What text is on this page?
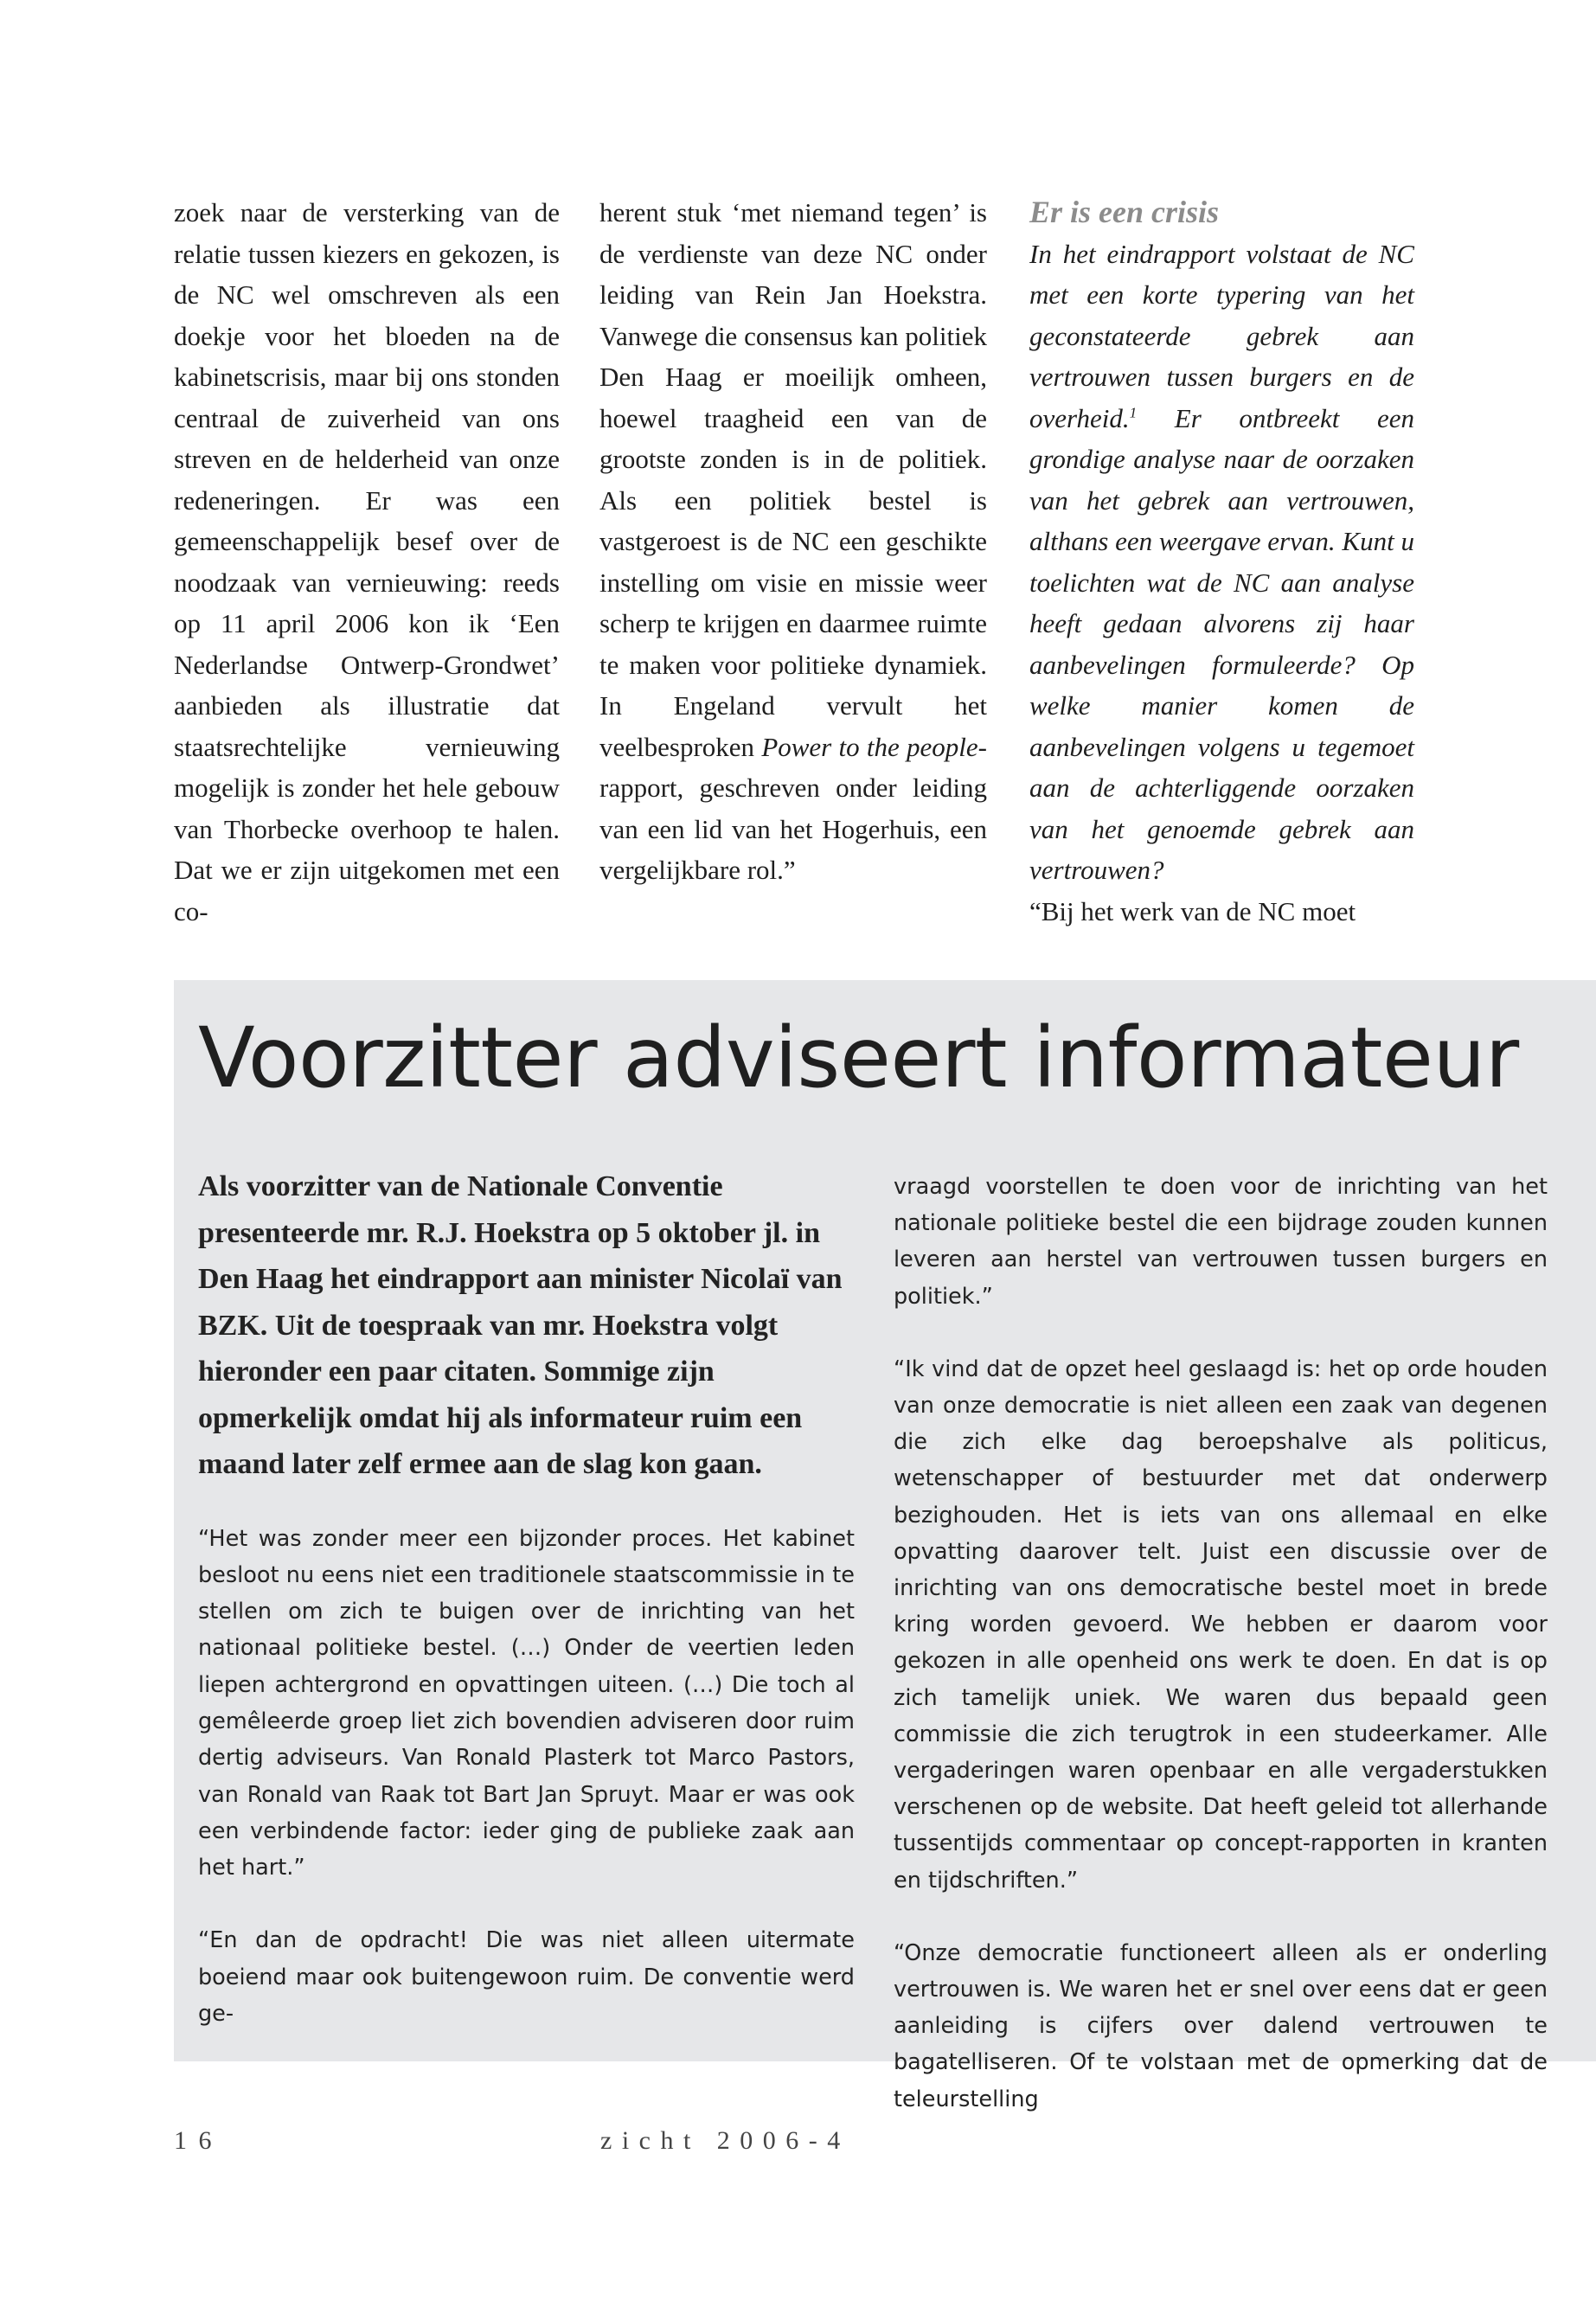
zoek naar de versterking van de relatie tussen kiezers en gekozen, is de NC wel omschreven als een doekje voor het bloeden na de kabinetscrisis, maar bij ons stonden centraal de zuiverheid van ons streven en de helderheid van onze redeneringen. Er was een gemeenschappelijk besef over de noodzaak van vernieuwing: reeds op 11 april 2006 kon ik ‘Een Nederlandse Ontwerp-Grondwet’ aanbieden als illustratie dat staatsrechtelijke vernieuwing mogelijk is zonder het hele gebouw van Thorbecke overhoop te halen. Dat we er zijn uitgekomen met een co-

herent stuk ‘met niemand tegen’ is de verdienste van deze NC onder leiding van Rein Jan Hoekstra. Vanwege die consensus kan politiek Den Haag er moeilijk omheen, hoewel traagheid een van de grootste zonden is in de politiek. Als een politiek bestel is vastgeroest is de NC een geschikte instelling om visie en missie weer scherp te krijgen en daarmee ruimte te maken voor politieke dynamiek. In Engeland vervult het veelbesproken Power to the people-rapport, geschreven onder leiding van een lid van het Hogerhuis, een vergelijkbare rol.”

Er is een crisis

In het eindrapport volstaat de NC met een korte typering van het geconstateerde gebrek aan vertrouwen tussen burgers en de overheid.$^1$ Er ontbreekt een grondige analyse naar de oorzaken van het gebrek aan vertrouwen, althans een weergave ervan. Kunt u toelichten wat de NC aan analyse heeft gedaan alvorens zij haar aanbevelingen formuleerde? Op welke manier komen de aanbevelingen volgens u tegemoet aan de achterliggende oorzaken van het genoemde gebrek aan vertrouwen?

“Bij het werk van de NC moet

Voorzitter adviseert informateur

Als voorzitter van de Nationale Conventie presenteerde mr. R.J. Hoekstra op 5 oktober jl. in Den Haag het eindrapport aan minister Nicolaï van BZK. Uit de toespraak van mr. Hoekstra volgt hieronder een paar citaten. Sommige zijn opmerkelijk omdat hij als informateur ruim een maand later zelf ermee aan de slag kon gaan.

“Het was zonder meer een bijzonder proces. Het kabinet besloot nu eens niet een traditionele staatscommissie in te stellen om zich te buigen over de inrichting van het nationaal politieke bestel. (…) Onder de veertien leden liepen achtergrond en opvattingen uiteen. (…) Die toch al gemêleerde groep liet zich bovendien adviseren door ruim dertig adviseurs. Van Ronald Plasterk tot Marco Pastors, van Ronald van Raak tot Bart Jan Spruyt. Maar er was ook een verbindende factor: ieder ging de publieke zaak aan het hart.”

“En dan de opdracht! Die was niet alleen uitermate boeiend maar ook buitengewoon ruim. De conventie werd ge-

vraagd voorstellen te doen voor de inrichting van het nationale politieke bestel die een bijdrage zouden kunnen leveren aan herstel van vertrouwen tussen burgers en politiek.”

“Ik vind dat de opzet heel geslaagd is: het op orde houden van onze democratie is niet alleen een zaak van degenen die zich elke dag beroepshalve als politicus, wetenschapper of bestuurder met dat onderwerp bezighouden. Het is iets van ons allemaal en elke opvatting daarover telt. Juist een discussie over de inrichting van ons democratische bestel moet in brede kring worden gevoerd. We hebben er daarom voor gekozen in alle openheid ons werk te doen. En dat is op zich tamelijk uniek. We waren dus bepaald geen commissie die zich terugtrok in een studeerkamer. Alle vergaderingen waren openbaar en alle vergaderstukken verschenen op de website. Dat heeft geleid tot allerhande tussentijds commentaar op concept-rapporten in kranten en tijdschriften.”

“Onze democratie functioneert alleen als er onderling vertrouwen is. We waren het er snel over eens dat er geen aanleiding is cijfers over dalend vertrouwen te bagatelliseren. Of te volstaan met de opmerking dat de teleurstelling

1 6	z i c h t   2 0 0 6 - 4
